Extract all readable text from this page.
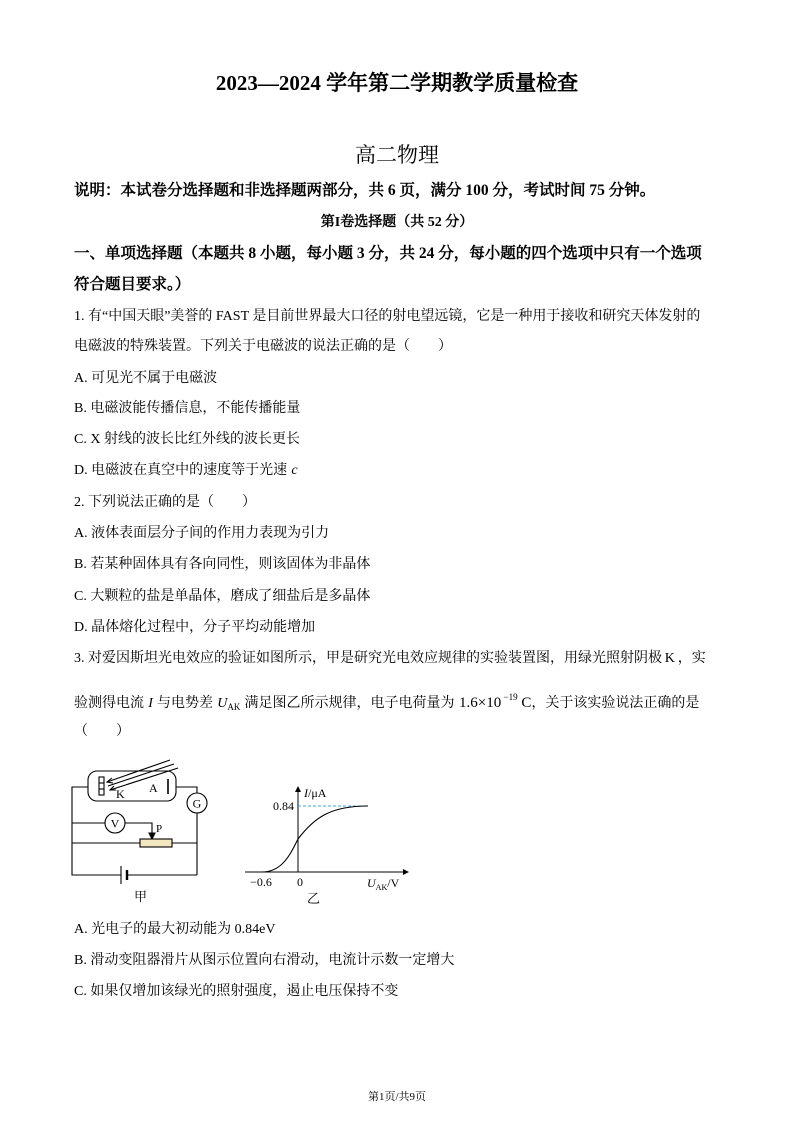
2023—2024 学年第二学期教学质量检查
高二物理
说明：本试卷分选择题和非选择题两部分，共 6 页，满分 100 分，考试时间 75 分钟。
第I卷选择题（共 52 分）
一、单项选择题（本题共 8 小题，每小题 3 分，共 24 分，每小题的四个选项中只有一个选项
符合题目要求。）
1. 有“中国天眼”美誉的 FAST 是目前世界最大口径的射电望远镜，它是一种用于接收和研究天体发射的
电磁波的特殊装置。下列关于电磁波的说法正确的是（　　）
A. 可见光不属于电磁波
B. 电磁波能传播信息，不能传播能量
C. X 射线的波长比红外线的波长更长
D. 电磁波在真空中的速度等于光速 c
2. 下列说法正确的是（　　）
A. 液体表面层分子间的作用力表现为引力
B. 若某种固体具有各向同性，则该固体为非晶体
C. 大颗粒的盐是单晶体，磨成了细盐后是多晶体
D. 晶体熔化过程中，分子平均动能增加
3. 对爱因斯坦光电效应的验证如图所示，甲是研究光电效应规律的实验装置图，用绿光照射阴极 K ，实
验测得电流 I 与电势差 $U_{AK}$ 满足图乙所示规律，电子电荷量为 1.6×10 $^{-19}$ C，关于该实验说法正确的是
（　　）
K A
G
V	P
甲
I/μA
0.84
−0.6 0	$U_{AK}/V$
乙
A. 光电子的最大初动能为 0.84eV
B. 滑动变阻器滑片从图示位置向右滑动，电流计示数一定增大
C. 如果仅增加该绿光的照射强度，遏止电压保持不变
第1页/共9页
